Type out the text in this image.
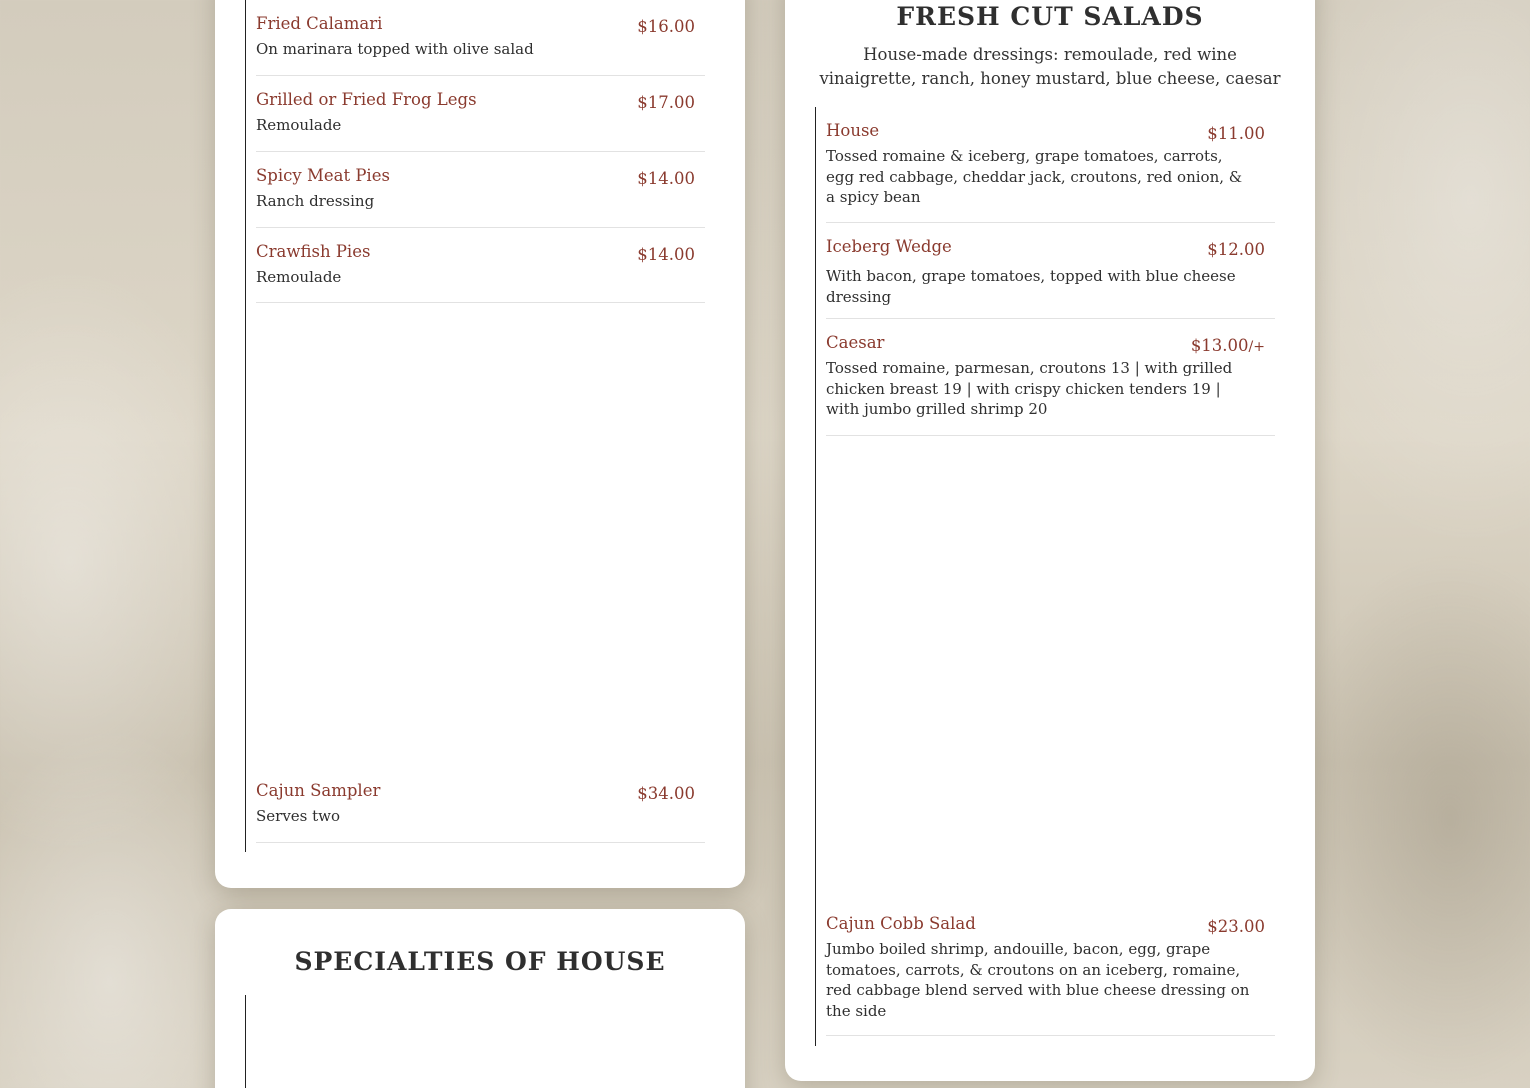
Fried Calamari	$16.00
On marinara topped with olive salad
Grilled or Fried Frog Legs	$17.00
Remoulade
Spicy Meat Pies	$14.00
Ranch dressing
Crawfish Pies	$14.00
Remoulade
Cajun Sampler	$34.00
Serves two
FRESH CUT SALADS

House-made dressings: remoulade, red wine vinaigrette, ranch, honey mustard, blue cheese, caesar

House	$11.00
Tossed romaine & iceberg, grape tomatoes, carrots, egg red cabbage, cheddar jack, croutons, red onion, & a spicy bean
Iceberg Wedge	$12.00
With bacon, grape tomatoes, topped with blue cheese dressing
Caesar	$13.00/+
Tossed romaine, parmesan, croutons 13 | with grilled chicken breast 19 | with crispy chicken tenders 19 | with jumbo grilled shrimp 20
Cajun Cobb Salad	$23.00
Jumbo boiled shrimp, andouille, bacon, egg, grape tomatoes, carrots, & croutons on an iceberg, romaine, red cabbage blend served with blue cheese dressing on the side
SPECIALTIES OF HOUSE
